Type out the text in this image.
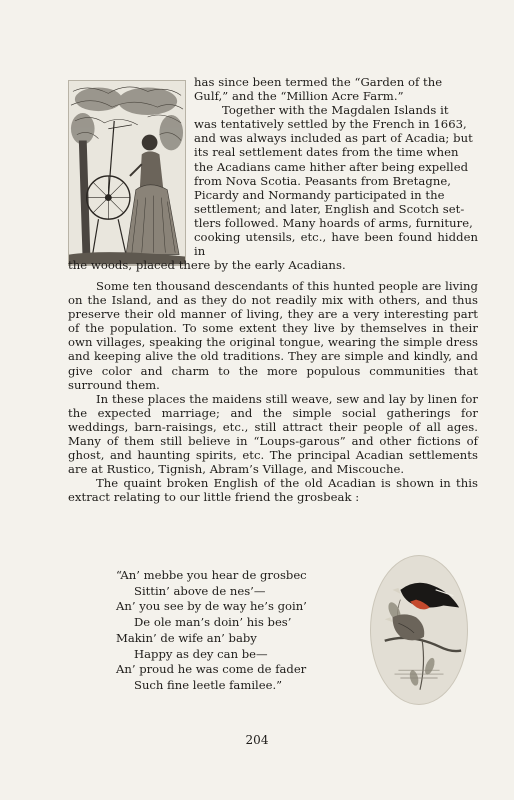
has since been termed the “Garden of the

Gulf,” and the “Million Acre Farm.”

Together with the Magdalen Islands it

was tentatively settled by the French in 1663,

and was always included as part of Acadia; but

its real settlement dates from the time when

the Acadians came hither after being expelled

from Nova Scotia. Peasants from Bretagne,

Picardy and Normandy participated in the

settlement; and later, English and Scotch set-

tlers followed. Many hoards of arms, furniture,

cooking utensils, etc., have been found hidden in

the woods, placed there by the early Acadians.

Some ten thousand descendants of this hunted people are living on the Island, and as they do not readily mix with others, and thus preserve their old manner of living, they are a very interesting part of the population. To some extent they live by themselves in their own villages, speaking the original tongue, wearing the simple dress and keeping alive the old traditions. They are simple and kindly, and give color and charm to the more populous communities that surround them.

In these places the maidens still weave, sew and lay by linen for the expected marriage; and the simple social gatherings for weddings, barn-raisings, etc., still attract their people of all ages. Many of them still believe in “Loups-garous” and other fictions of ghost, and haunting spirits, etc. The principal Acadian settlements are at Rustico, Tignish, Abram’s Village, and Miscouche.

The quaint broken English of the old Acadian is shown in this extract relating to our little friend the grosbeak :

“An’ mebbe you hear de grosbec
Sittin’ above de nes’—
An’ you see by de way he’s goin’
De ole man’s doin’ his bes’
Makin’ de wife an’ baby
Happy as dey can be—
An’ proud he was come de fader
Such fine leetle familee.”
204
